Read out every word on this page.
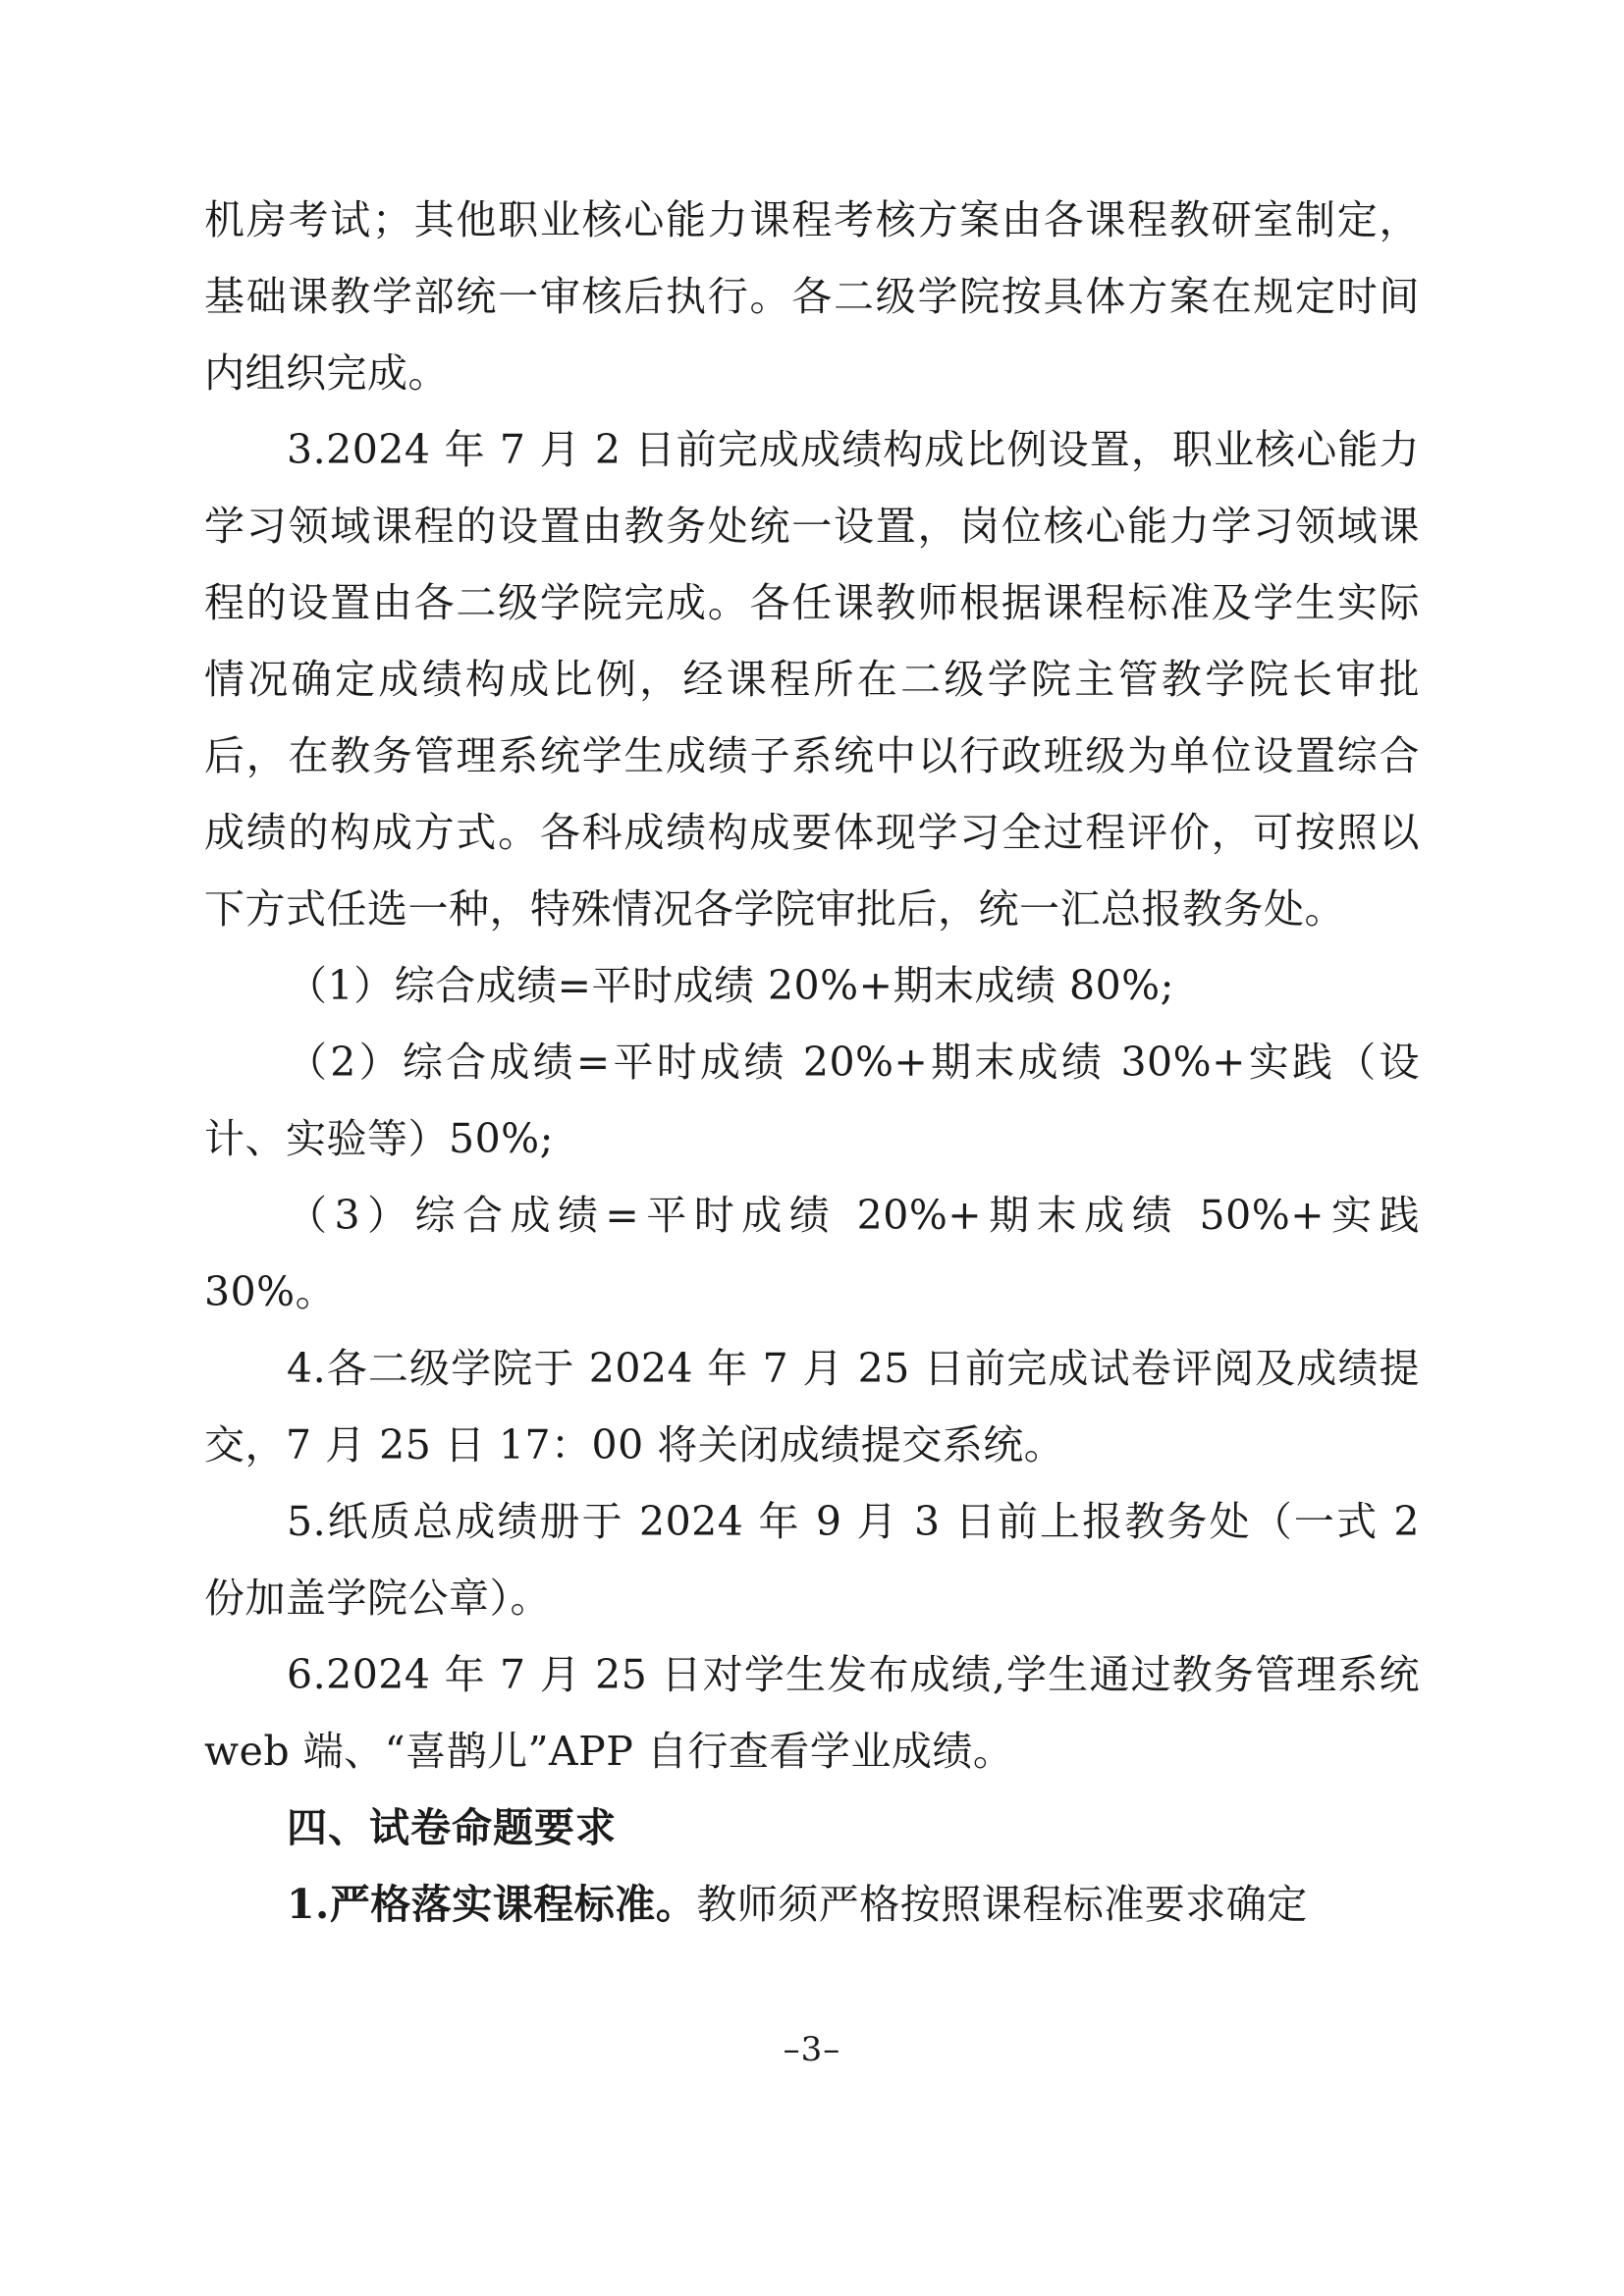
机房考试；其他职业核心能力课程考核方案由各课程教研室制定，基础课教学部统一审核后执行。各二级学院按具体方案在规定时间内组织完成。

3.2024 年 7 月 2 日前完成成绩构成比例设置，职业核心能力学习领域课程的设置由教务处统一设置，岗位核心能力学习领域课程的设置由各二级学院完成。各任课教师根据课程标准及学生实际情况确定成绩构成比例，经课程所在二级学院主管教学院长审批后，在教务管理系统学生成绩子系统中以行政班级为单位设置综合成绩的构成方式。各科成绩构成要体现学习全过程评价，可按照以下方式任选一种，特殊情况各学院审批后，统一汇总报教务处。

（1）综合成绩=平时成绩 20%+期末成绩 80%;

（2）综合成绩=平时成绩 20%+期末成绩 30%+实践（设计、实验等）50%;

（3）综合成绩=平时成绩 20%+期末成绩 50%+实践 30%。

4.各二级学院于 2024 年 7 月 25 日前完成试卷评阅及成绩提交，7 月 25 日 17：00 将关闭成绩提交系统。

5.纸质总成绩册于 2024 年 9 月 3 日前上报教务处（一式 2 份加盖学院公章）。

6.2024 年 7 月 25 日对学生发布成绩,学生通过教务管理系统 web 端、“喜鹊儿”APP 自行查看学业成绩。

四、试卷命题要求

1.严格落实课程标准。教师须严格按照课程标准要求确定

–3–
